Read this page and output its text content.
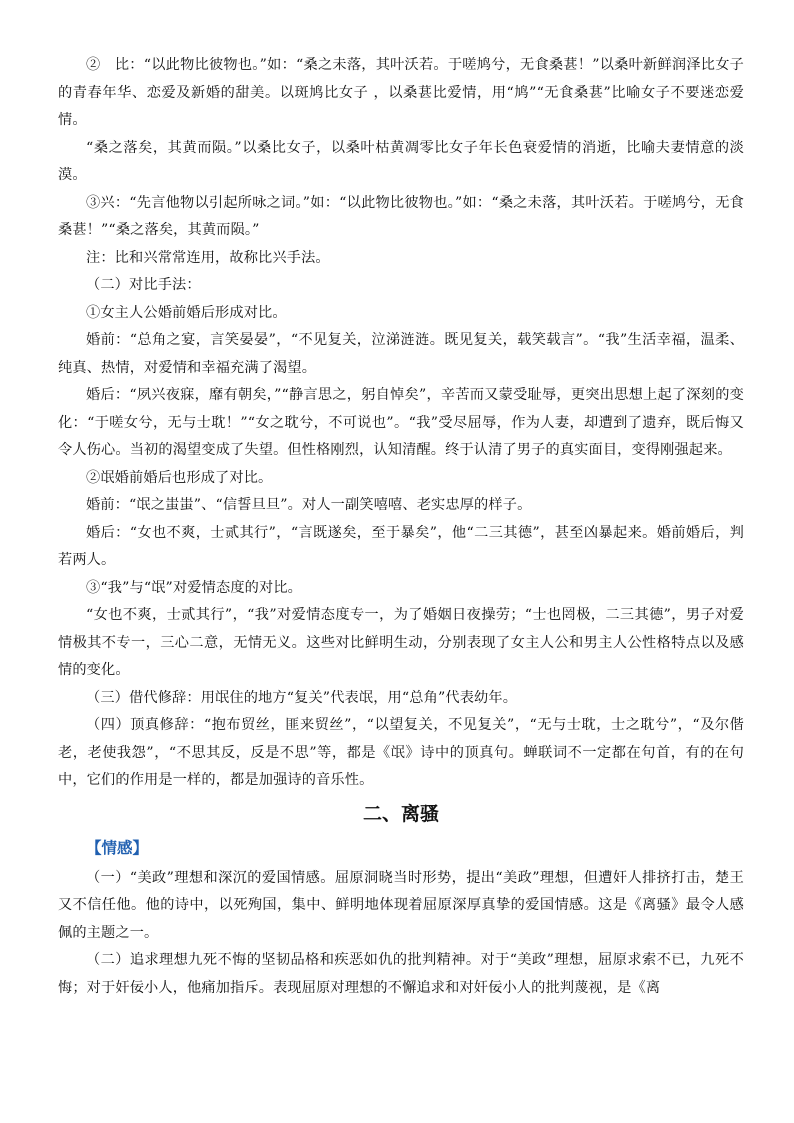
②　比：“以此物比彼物也。”如：“桑之未落，其叶沃若。于嗟鸠兮，无食桑葚！”以桑叶新鲜润泽比女子的青春年华、恋爱及新婚的甜美。以斑鸠比女子 ，以桑葚比爱情，用“鸠”“无食桑葚”比喻女子不要迷恋爱情。

“桑之落矣，其黄而陨。”以桑比女子，以桑叶枯黄凋零比女子年长色衰爱情的消逝，比喻夫妻情意的淡漠。

③兴：“先言他物以引起所咏之词。”如：“以此物比彼物也。”如：“桑之未落，其叶沃若。于嗟鸠兮，无食桑葚！”“桑之落矣，其黄而陨。”

注：比和兴常常连用，故称比兴手法。

（二）对比手法：

①女主人公婚前婚后形成对比。

婚前：“总角之宴，言笑晏晏”，“不见复关，泣涕涟涟。既见复关，载笑载言”。“我”生活幸福，温柔、纯真、热情，对爱情和幸福充满了渴望。

婚后：“夙兴夜寐，靡有朝矣，”“静言思之，躬自悼矣”，辛苦而又蒙受耻辱，更突出思想上起了深刻的变化：“于嗟女兮，无与士耽！”“女之耽兮，不可说也”。“我”受尽屈辱，作为人妻，却遭到了遗弃，既后悔又令人伤心。当初的渴望变成了失望。但性格刚烈，认知清醒。终于认清了男子的真实面目，变得刚强起来。

②氓婚前婚后也形成了对比。

婚前：“氓之蚩蚩”、“信誓旦旦”。对人一副笑嘻嘻、老实忠厚的样子。

婚后：“女也不爽，士贰其行”，“言既遂矣，至于暴矣”，他“二三其德”，甚至凶暴起来。婚前婚后，判若两人。

③“我”与“氓”对爱情态度的对比。

“女也不爽，士贰其行”，“我”对爱情态度专一，为了婚姻日夜操劳；“士也罔极，二三其德”，男子对爱情极其不专一，三心二意，无情无义。这些对比鲜明生动，分别表现了女主人公和男主人公性格特点以及感情的变化。

（三）借代修辞：用氓住的地方“复关”代表氓，用“总角”代表幼年。

（四）顶真修辞：“抱布贸丝，匪来贸丝”，“以望复关，不见复关”，“无与士耽，士之耽兮”，“及尔偕老，老使我怨”，“不思其反，反是不思”等，都是《氓》诗中的顶真句。蝉联词不一定都在句首，有的在句中，它们的作用是一样的，都是加强诗的音乐性。

二、离骚
【情感】

（一）“美政”理想和深沉的爱国情感。屈原洞晓当时形势，提出“美政”理想，但遭奸人排挤打击，楚王又不信任他。他的诗中，以死殉国，集中、鲜明地体现着屈原深厚真挚的爱国情感。这是《离骚》最令人感佩的主题之一。

（二）追求理想九死不悔的坚韧品格和疾恶如仇的批判精神。对于“美政”理想，屈原求索不已，九死不悔；对于奸佞小人，他痛加指斥。表现屈原对理想的不懈追求和对奸佞小人的批判蔑视，是《离
